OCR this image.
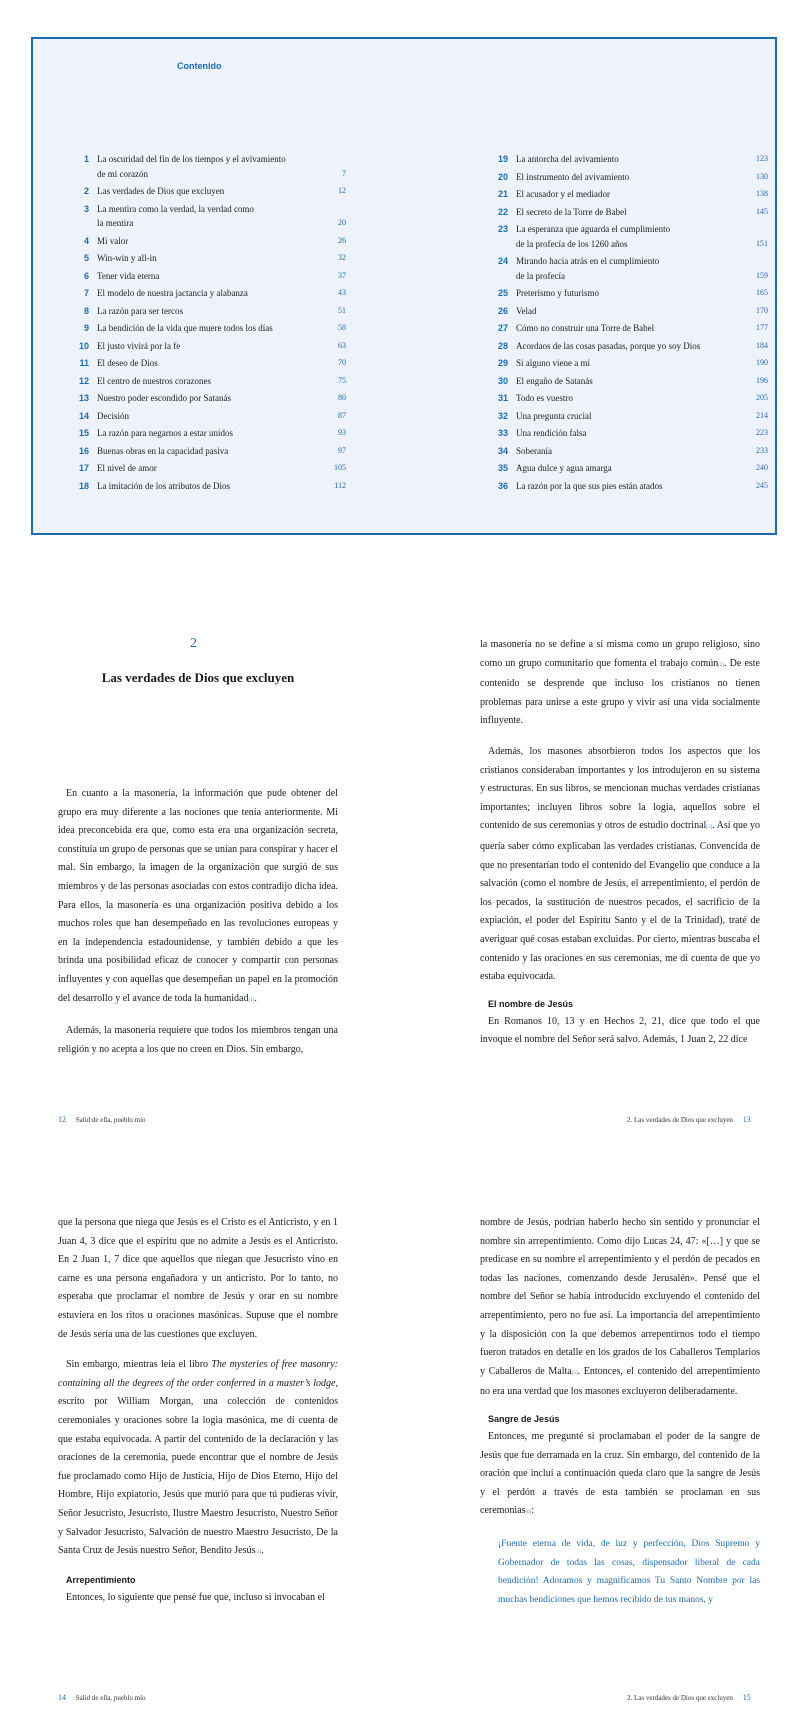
Contenido
1 La oscuridad del fin de los tiempos y el avivamiento
de mi corazón	7
2 Las verdades de Dios que excluyen	12
3 La mentira como la verdad, la verdad como
la mentira	20
4 Mi valor	26
5 Win-win y all-in	32
6 Tener vida eterna	37
7 El modelo de nuestra jactancia y alabanza	43
8 La razón para ser tercos	51
9 La bendición de la vida que muere todos los días	58
10 El justo vivirá por la fe	63
11 El deseo de Dios	70
12 El centro de nuestros corazones	75
13 Nuestro poder escondido por Satanás	80
14 Decisión	87
15 La razón para negarnos a estar unidos	93
16 Buenas obras en la capacidad pasiva	97
17 El nivel de amor	105
18 La imitación de los atributos de Dios	112
19 La antorcha del avivamiento	123
20 El instrumento del avivamiento	130
21 El acusador y el mediador	138
22 El secreto de la Torre de Babel	145
23 La esperanza que aguarda el cumplimiento
de la profecía de los 1260 años	151
24 Mirando hacia atrás en el cumplimiento
de la profecía	159
25 Preterismo y futurismo	165
26 Velad	170
27 Cómo no construir una Torre de Babel	177
28 Acordaos de las cosas pasadas, porque yo soy Dios	184
29 Si alguno viene a mí	190
30 El engaño de Satanás	196
31 Todo es vuestro	205
32 Una pregunta crucial	214
33 Una rendición falsa	223
34 Soberanía	233
35 Agua dulce y agua amarga	240
36 La razón por la que sus pies están atados	245
2
Las verdades de Dios que excluyen

En cuanto a la masonería, la información que pude obtener del grupo era muy diferente a las nociones que tenía anteriormente. Mi idea preconcebida era que, como esta era una organización secreta, constituía un grupo de personas que se unían para conspirar y hacer el mal. Sin embargo, la imagen de la organización que surgió de sus miembros y de las personas asociadas con estos contradijo dicha idea. Para ellos, la masonería es una organización positiva debido a los muchos roles que han desempeñado en las revoluciones europeas y en la independencia estadounidense, y también debido a que les brinda una posibilidad eficaz de conocer y compartir con personas influyentes y con aquellas que desempeñan un papel en la promoción del desarrollo y el avance de toda la humanidad[1].

Además, la masonería requiere que todos los miembros tengan una religión y no acepta a los que no creen en Dios. Sin embargo,

12 Salid de ella, pueblo mío

la masonería no se define a sí misma como un grupo religioso, sino como un grupo comunitario que fomenta el trabajo común[2]. De este contenido se desprende que incluso los cristianos no tienen problemas para unirse a este grupo y vivir así una vida socialmente influyente.

Además, los masones absorbieron todos los aspectos que los cristianos consideraban importantes y los introdujeron en su sistema y estructuras. En sus libros, se mencionan muchas verdades cristianas importantes; incluyen libros sobre la logia, aquellos sobre el contenido de sus ceremonias y otros de estudio doctrinal[3]. Así que yo quería saber cómo explicaban las verdades cristianas. Convencida de que no presentarían todo el contenido del Evangelio que conduce a la salvación (como el nombre de Jesús, el arrepentimiento, el perdón de los pecados, la sustitución de nuestros pecados, el sacrificio de la expiación, el poder del Espíritu Santo y el de la Trinidad), traté de averiguar qué cosas estaban excluidas. Por cierto, mientras buscaba el contenido y las oraciones en sus ceremonias, me di cuenta de que yo estaba equivocada.

El nombre de Jesús

En Romanos 10, 13 y en Hechos 2, 21, dice que todo el que invoque el nombre del Señor será salvo. Además, 1 Juan 2, 22 dice

2. Las verdades de Dios que excluyen 13

que la persona que niega que Jesús es el Cristo es el Anticristo, y en 1 Juan 4, 3 dice que el espíritu que no admite a Jesús es el Anticristo. En 2 Juan 1, 7 dice que aquellos que niegan que Jesucristo vino en carne es una persona engañadora y un anticristo. Por lo tanto, no esperaba que proclamar el nombre de Jesús y orar en su nombre estuviera en los ritos u oraciones masónicas. Supuse que el nombre de Jesús sería una de las cuestiones que excluyen.

Sin embargo, mientras leía el libro The mysteries of free masonry: containing all the degrees of the order conferred in a master’s lodge, escrito por William Morgan, una colección de contenidos ceremoniales y oraciones sobre la logia masónica, me di cuenta de que estaba equivocada. A partir del contenido de la declaración y las oraciones de la ceremonia, puede encontrar que el nombre de Jesús fue proclamado como Hijo de Justicia, Hijo de Dios Eterno, Hijo del Hombre, Hijo expiatorio, Jesús que murió para que tú pudieras vivir, Señor Jesucristo, Jesucristo, Ilustre Maestro Jesucristo, Nuestro Señor y Salvador Jesucristo, Salvación de nuestro Maestro Jesucristo, De la Santa Cruz de Jesús nuestro Señor, Bendito Jesús[4].

Arrepentimiento

Entonces, lo siguiente que pensé fue que, incluso si invocaban el

14 Salid de ella, pueblo mío

nombre de Jesús, podrían haberlo hecho sin sentido y pronunciar el nombre sin arrepentimiento. Como dijo Lucas 24, 47: «[…] y que se predicase en su nombre el arrepentimiento y el perdón de pecados en todas las naciones, comenzando desde Jerusalén». Pensé que el nombre del Señor se había introducido excluyendo el contenido del arrepentimiento, pero no fue así. La importancia del arrepentimiento y la disposición con la que debemos arrepentirnos todo el tiempo fueron tratados en detalle en los grados de los Caballeros Templarios y Caballeros de Malta[5]. Entonces, el contenido del arrepentimiento no era una verdad que los masones excluyeron deliberadamente.

Sangre de Jesús

Entonces, me pregunté si proclamaban el poder de la sangre de Jesús que fue derramada en la cruz. Sin embargo, del contenido de la oración que incluí a continuación queda claro que la sangre de Jesús y el perdón a través de esta también se proclaman en sus ceremonias[6]:

¡Fuente eterna de vida, de luz y perfección, Dios Supremo y Gobernador de todas las cosas, dispensador liberal de cada bendición! Adoramos y magnificamos Tu Santo Nombre por las muchas bendiciones que hemos recibido de tus manos, y

2. Las verdades de Dios que excluyen 15
